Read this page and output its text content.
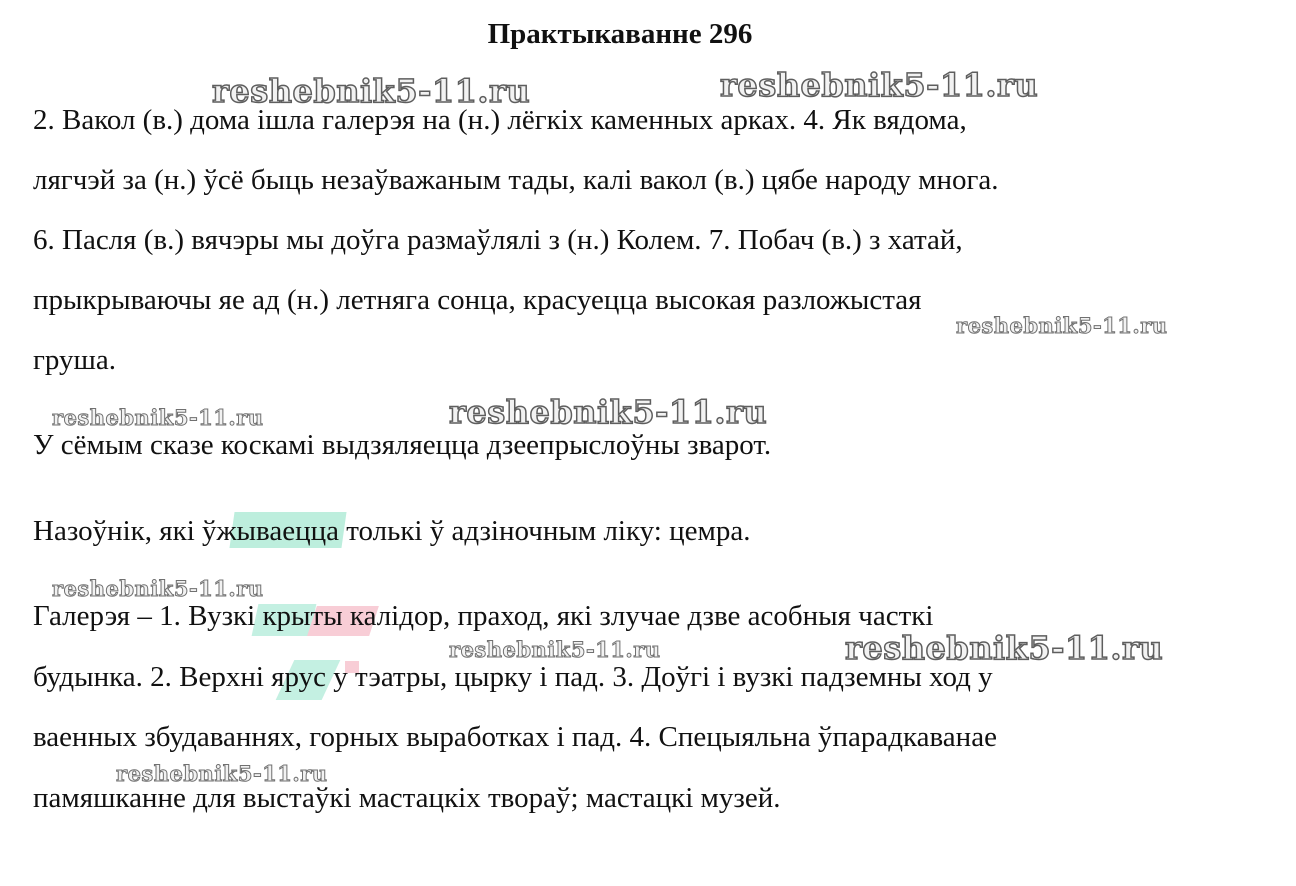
Практыкаванне 296
2. Вакол (в.) дома ішла галерэя на (н.) лёгкіх каменных арках. 4. Як вядома,
лягчэй за (н.) ўсё быць незаўважаным тады, калі вакол (в.) цябе народу многа.
6. Пасля (в.) вячэры мы доўга размаўлялі з (н.) Колем. 7. Побач (в.) з хатай,
прыкрываючы яе ад (н.) летняга сонца, красуецца высокая разложыстая
груша.
У сёмым сказе коскамі выдзяляецца дзеепрыслоўны зварот.
Назоўнік, які ўжываецца толькі ў адзіночным ліку: цемра.
Галерэя – 1. Вузкі крыты калідор, праход, які злучае дзве асобныя часткі
будынка. 2. Верхні ярус у тэатры, цырку і пад. 3. Доўгі і вузкі падземны ход у
ваенных збудаваннях, горных выработках і пад. 4. Спецыяльна ўпарадкаванае
памяшканне для выстаўкі мастацкіх твораў; мастацкі музей.
reshebnik5-11.ru	reshebnik5-11.ru
reshebnik5-11.ru
reshebnik5-11.ru	reshebnik5-11.ru
reshebnik5-11.ru
reshebnik5-11.ru	reshebnik5-11.ru
reshebnik5-11.ru
